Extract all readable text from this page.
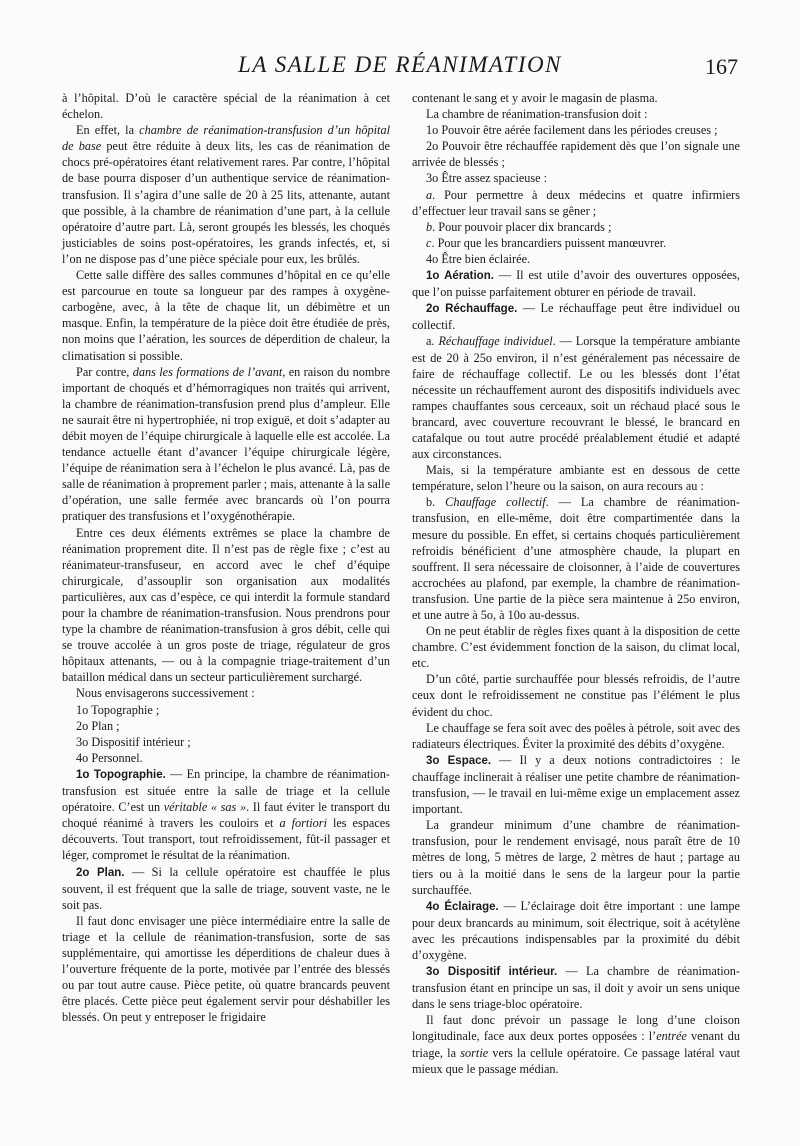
LA SALLE DE RÉANIMATION	167

à l’hôpital. D’où le caractère spécial de la réanimation à cet échelon.

En effet, la chambre de réanimation-transfusion d’un hôpital de base peut être réduite à deux lits, les cas de réanimation de chocs pré-opératoires étant relativement rares. Par contre, l’hôpital de base pourra disposer d’un authentique service de réanimation-transfusion. Il s’agira d’une salle de 20 à 25 lits, attenante, autant que possible, à la chambre de réanimation d’une part, à la cellule opératoire d’autre part. Là, seront groupés les blessés, les choqués justiciables de soins post-opératoires, les grands infectés, et, si l’on ne dispose pas d’une pièce spéciale pour eux, les brûlés.

Cette salle diffère des salles communes d’hôpital en ce qu’elle est parcourue en toute sa longueur par des rampes à oxygène-carbogène, avec, à la tête de chaque lit, un débimètre et un masque. Enfin, la température de la pièce doit être étudiée de près, non moins que l’aération, les sources de déperdition de chaleur, la climatisation si possible.

Par contre, dans les formations de l’avant, en raison du nombre important de choqués et d’hémorragiques non traités qui arrivent, la chambre de réanimation-transfusion prend plus d’ampleur. Elle ne saurait être ni hypertrophiée, ni trop exiguë, et doit s’adapter au débit moyen de l’équipe chirurgicale à laquelle elle est accolée. La tendance actuelle étant d’avancer l’équipe chirurgicale légère, l’équipe de réanimation sera à l’échelon le plus avancé. Là, pas de salle de réanimation à proprement parler ; mais, attenante à la salle d’opération, une salle fermée avec brancards où l’on pourra pratiquer des transfusions et l’oxygénothérapie.

Entre ces deux éléments extrêmes se place la chambre de réanimation proprement dite. Il n’est pas de règle fixe ; c’est au réanimateur-transfuseur, en accord avec le chef d’équipe chirurgicale, d’assouplir son organisation aux modalités particulières, aux cas d’espèce, ce qui interdit la formule standard pour la chambre de réanimation-transfusion. Nous prendrons pour type la chambre de réanimation-transfusion à gros débit, celle qui se trouve accolée à un gros poste de triage, régulateur de gros hôpitaux attenants, — ou à la compagnie triage-traitement d’un bataillon médical dans un secteur particulièrement surchargé.

Nous envisagerons successivement :

1o Topographie ;

2o Plan ;

3o Dispositif intérieur ;

4o Personnel.

1o Topographie. — En principe, la chambre de réanimation-transfusion est située entre la salle de triage et la cellule opératoire. C’est un véritable « sas ». Il faut éviter le transport du choqué réanimé à travers les couloirs et a fortiori les espaces découverts. Tout transport, tout refroidissement, fût-il passager et léger, compromet le résultat de la réanimation.

2o Plan. — Si la cellule opératoire est chauffée le plus souvent, il est fréquent que la salle de triage, souvent vaste, ne le soit pas.

Il faut donc envisager une pièce intermédiaire entre la salle de triage et la cellule de réanimation-transfusion, sorte de sas supplémentaire, qui amortisse les déperditions de chaleur dues à l’ouverture fréquente de la porte, motivée par l’entrée des blessés ou par tout autre cause. Pièce petite, où quatre brancards peuvent être placés. Cette pièce peut également servir pour déshabiller les blessés. On peut y entreposer le frigidaire

contenant le sang et y avoir le magasin de plasma.

La chambre de réanimation-transfusion doit :

1o Pouvoir être aérée facilement dans les périodes creuses ;

2o Pouvoir être réchauffée rapidement dès que l’on signale une arrivée de blessés ;

3o Être assez spacieuse :

a. Pour permettre à deux médecins et quatre infirmiers d’effectuer leur travail sans se gêner ;

b. Pour pouvoir placer dix brancards ;

c. Pour que les brancardiers puissent manœuvrer.

4o Être bien éclairée.

1o Aération. — Il est utile d’avoir des ouvertures opposées, que l’on puisse parfaitement obturer en période de travail.

2o Réchauffage. — Le réchauffage peut être individuel ou collectif.

a. Réchauffage individuel. — Lorsque la température ambiante est de 20 à 25o environ, il n’est généralement pas nécessaire de faire de réchauffage collectif. Le ou les blessés dont l’état nécessite un réchauffement auront des dispositifs individuels avec rampes chauffantes sous cerceaux, soit un réchaud placé sous le brancard, avec couverture recouvrant le blessé, le brancard en catafalque ou tout autre procédé préalablement étudié et adapté aux circonstances.

Mais, si la température ambiante est en dessous de cette température, selon l’heure ou la saison, on aura recours au :

b. Chauffage collectif. — La chambre de réanimation-transfusion, en elle-même, doit être compartimentée dans la mesure du possible. En effet, si certains choqués particulièrement refroidis bénéficient d’une atmosphère chaude, la plupart en souffrent. Il sera nécessaire de cloisonner, à l’aide de couvertures accrochées au plafond, par exemple, la chambre de réanimation-transfusion. Une partie de la pièce sera maintenue à 25o environ, et une autre à 5o, à 10o au-dessus.

On ne peut établir de règles fixes quant à la disposition de cette chambre. C’est évidemment fonction de la saison, du climat local, etc.

D’un côté, partie surchauffée pour blessés refroidis, de l’autre ceux dont le refroidissement ne constitue pas l’élément le plus évident du choc.

Le chauffage se fera soit avec des poêles à pétrole, soit avec des radiateurs électriques. Éviter la proximité des débits d’oxygène.

3o Espace. — Il y a deux notions contradictoires : le chauffage inclinerait à réaliser une petite chambre de réanimation-transfusion, — le travail en lui-même exige un emplacement assez important.

La grandeur minimum d’une chambre de réanimation-transfusion, pour le rendement envisagé, nous paraît être de 10 mètres de long, 5 mètres de large, 2 mètres de haut ; partage au tiers ou à la moitié dans le sens de la largeur pour la partie surchauffée.

4o Éclairage. — L’éclairage doit être important : une lampe pour deux brancards au minimum, soit électrique, soit à acétylène avec les précautions indispensables par la proximité du débit d’oxygène.

3o Dispositif intérieur. — La chambre de réanimation-transfusion étant en principe un sas, il doit y avoir un sens unique dans le sens triage-bloc opératoire.

Il faut donc prévoir un passage le long d’une cloison longitudinale, face aux deux portes opposées : l’entrée venant du triage, la sortie vers la cellule opératoire. Ce passage latéral vaut mieux que le passage médian.
